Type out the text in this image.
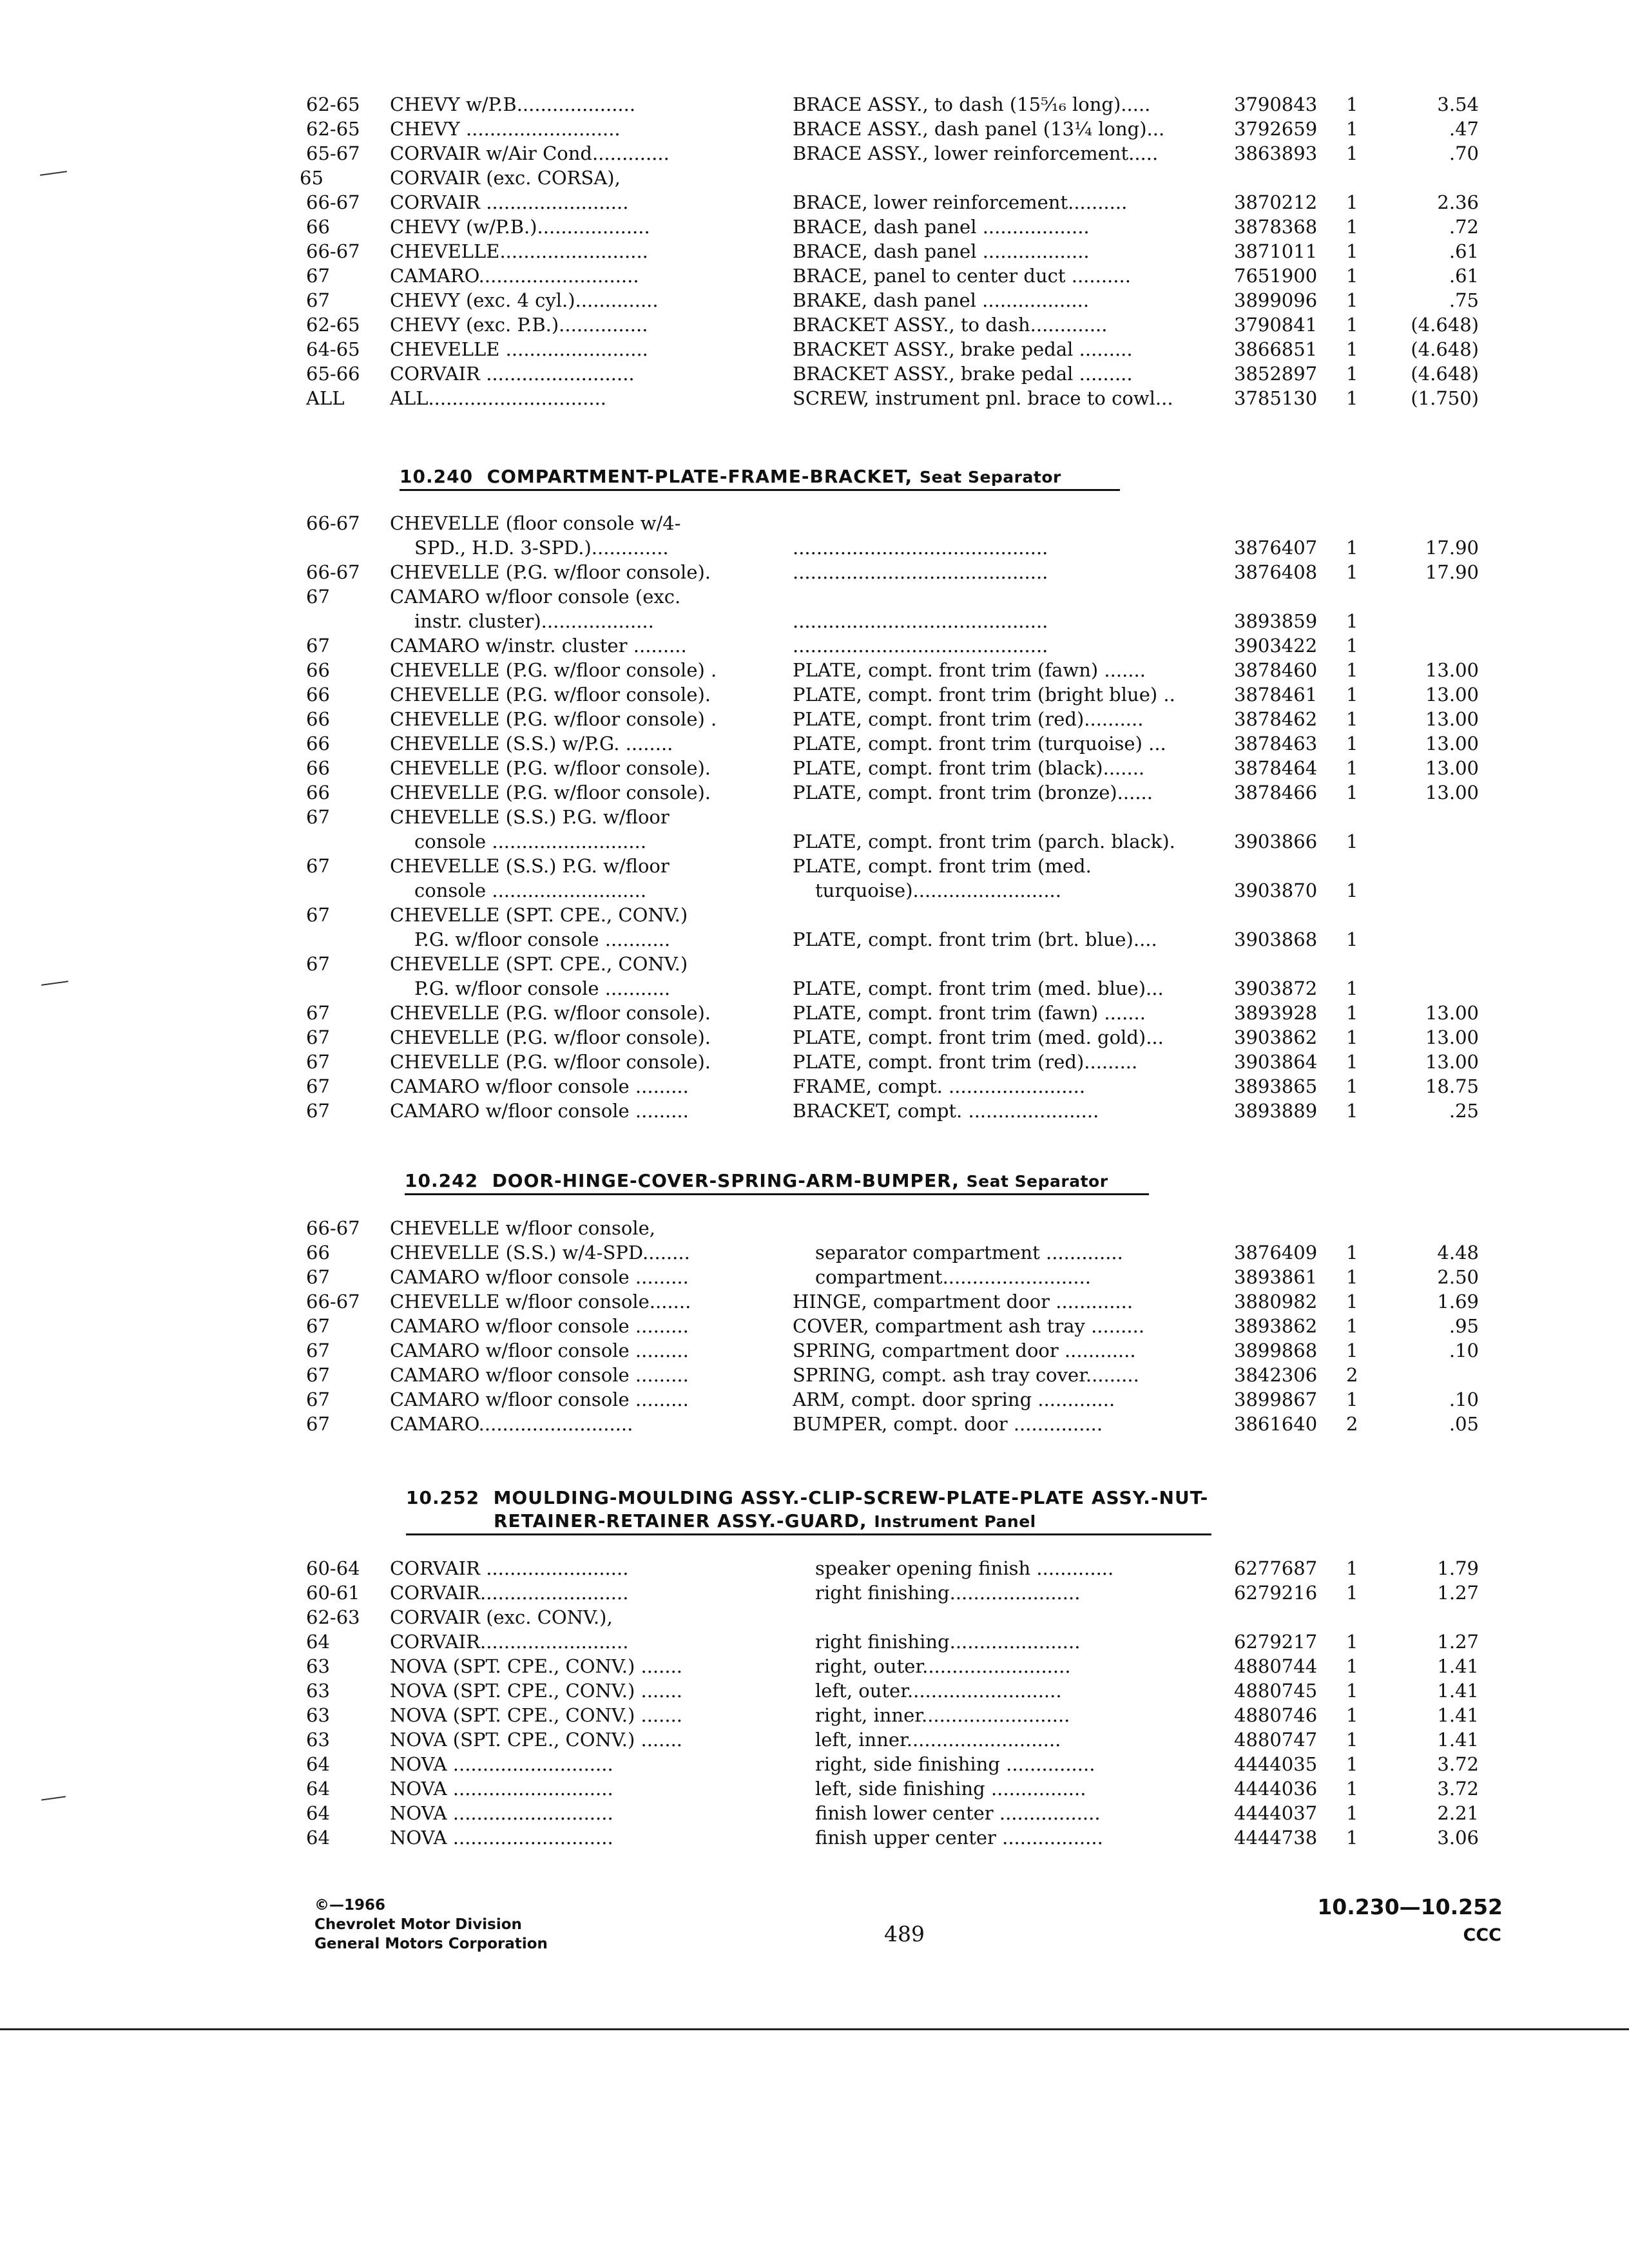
62-65	CHEVY w/P.B....................	BRACE ASSY., to dash (15⁵⁄₁₆ long).....	3790843	1	3.54
62-65	CHEVY ..........................	BRACE ASSY., dash panel (13¼ long)...	3792659	1	.47
65-67	CORVAIR w/Air Cond.............	BRACE ASSY., lower reinforcement.....	3863893	1	.70
65	CORVAIR (exc. CORSA),
66-67	CORVAIR ........................	BRACE, lower reinforcement..........	3870212	1	2.36
66	CHEVY (w/P.B.)...................	BRACE, dash panel ..................	3878368	1	.72
66-67	CHEVELLE.........................	BRACE, dash panel ..................	3871011	1	.61
67	CAMARO...........................	BRACE, panel to center duct ..........	7651900	1	.61
67	CHEVY (exc. 4 cyl.)..............	BRAKE, dash panel ..................	3899096	1	.75
62-65	CHEVY (exc. P.B.)...............	BRACKET ASSY., to dash.............	3790841	1	(4.648)
64-65	CHEVELLE ........................	BRACKET ASSY., brake pedal .........	3866851	1	(4.648)
65-66	CORVAIR .........................	BRACKET ASSY., brake pedal .........	3852897	1	(4.648)
ALL	ALL..............................	SCREW, instrument pnl. brace to cowl...	3785130	1	(1.750)
10.240 COMPARTMENT-PLATE-FRAME-BRACKET, Seat Separator
66-67	CHEVELLE (floor console w/4-
SPD., H.D. 3-SPD.).............	...........................................	3876407	1	17.90
66-67	CHEVELLE (P.G. w/floor console).	...........................................	3876408	1	17.90
67	CAMARO w/floor console (exc.
instr. cluster)...................	...........................................	3893859	1
67	CAMARO w/instr. cluster .........	...........................................	3903422	1
66	CHEVELLE (P.G. w/floor console) .	PLATE, compt. front trim (fawn) .......	3878460	1	13.00
66	CHEVELLE (P.G. w/floor console).	PLATE, compt. front trim (bright blue) ..	3878461	1	13.00
66	CHEVELLE (P.G. w/floor console) .	PLATE, compt. front trim (red)..........	3878462	1	13.00
66	CHEVELLE (S.S.) w/P.G. ........	PLATE, compt. front trim (turquoise) ...	3878463	1	13.00
66	CHEVELLE (P.G. w/floor console).	PLATE, compt. front trim (black).......	3878464	1	13.00
66	CHEVELLE (P.G. w/floor console).	PLATE, compt. front trim (bronze)......	3878466	1	13.00
67	CHEVELLE (S.S.) P.G. w/floor
console ..........................	PLATE, compt. front trim (parch. black).	3903866	1
67	CHEVELLE (S.S.) P.G. w/floor	PLATE, compt. front trim (med.
console ..........................	turquoise).........................	3903870	1
67	CHEVELLE (SPT. CPE., CONV.)
P.G. w/floor console ...........	PLATE, compt. front trim (brt. blue)....	3903868	1
67	CHEVELLE (SPT. CPE., CONV.)
P.G. w/floor console ...........	PLATE, compt. front trim (med. blue)...	3903872	1
67	CHEVELLE (P.G. w/floor console).	PLATE, compt. front trim (fawn) .......	3893928	1	13.00
67	CHEVELLE (P.G. w/floor console).	PLATE, compt. front trim (med. gold)...	3903862	1	13.00
67	CHEVELLE (P.G. w/floor console).	PLATE, compt. front trim (red).........	3903864	1	13.00
67	CAMARO w/floor console .........	FRAME, compt. .......................	3893865	1	18.75
67	CAMARO w/floor console .........	BRACKET, compt. ......................	3893889	1	.25
10.242 DOOR-HINGE-COVER-SPRING-ARM-BUMPER, Seat Separator
66-67	CHEVELLE w/floor console,
66	CHEVELLE (S.S.) w/4-SPD........	separator compartment .............	3876409	1	4.48
67	CAMARO w/floor console .........	compartment.........................	3893861	1	2.50
66-67	CHEVELLE w/floor console.......	HINGE, compartment door .............	3880982	1	1.69
67	CAMARO w/floor console .........	COVER, compartment ash tray .........	3893862	1	.95
67	CAMARO w/floor console .........	SPRING, compartment door ............	3899868	1	.10
67	CAMARO w/floor console .........	SPRING, compt. ash tray cover.........	3842306	2
67	CAMARO w/floor console .........	ARM, compt. door spring .............	3899867	1	.10
67	CAMARO..........................	BUMPER, compt. door ...............	3861640	2	.05
10.252 MOULDING-MOULDING ASSY.-CLIP-SCREW-PLATE-PLATE ASSY.-NUT-
RETAINER-RETAINER ASSY.-GUARD, Instrument Panel
60-64	CORVAIR ........................	speaker opening finish .............	6277687	1	1.79
60-61	CORVAIR.........................	right finishing......................	6279216	1	1.27
62-63	CORVAIR (exc. CONV.),
64	CORVAIR.........................	right finishing......................	6279217	1	1.27
63	NOVA (SPT. CPE., CONV.) .......	right, outer.........................	4880744	1	1.41
63	NOVA (SPT. CPE., CONV.) .......	left, outer..........................	4880745	1	1.41
63	NOVA (SPT. CPE., CONV.) .......	right, inner.........................	4880746	1	1.41
63	NOVA (SPT. CPE., CONV.) .......	left, inner..........................	4880747	1	1.41
64	NOVA ...........................	right, side finishing ...............	4444035	1	3.72
64	NOVA ...........................	left, side finishing ................	4444036	1	3.72
64	NOVA ...........................	finish lower center .................	4444037	1	2.21
64	NOVA ...........................	finish upper center .................	4444738	1	3.06
©—1966
Chevrolet Motor Division
General Motors Corporation	489
10.230—10.252
CCC
